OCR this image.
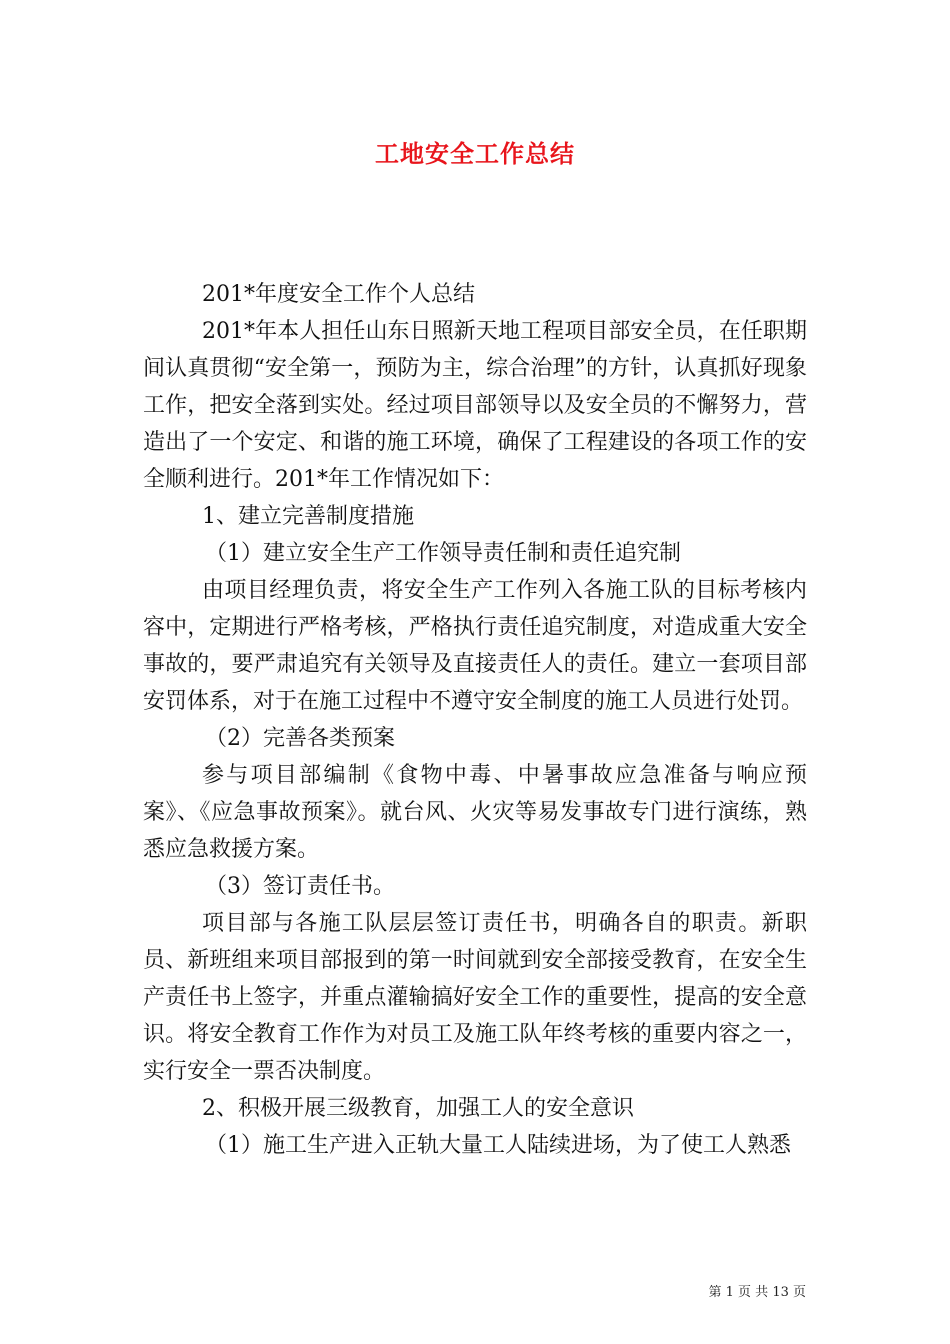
工地安全工作总结

201*年度安全工作个人总结

201*年本人担任山东日照新天地工程项目部安全员，在任职期间认真贯彻“安全第一，预防为主，综合治理”的方针，认真抓好现象工作，把安全落到实处。经过项目部领导以及安全员的不懈努力，营造出了一个安定、和谐的施工环境，确保了工程建设的各项工作的安全顺利进行。201*年工作情况如下：

1、建立完善制度措施

（1）建立安全生产工作领导责任制和责任追究制

由项目经理负责，将安全生产工作列入各施工队的目标考核内容中，定期进行严格考核，严格执行责任追究制度，对造成重大安全事故的，要严肃追究有关领导及直接责任人的责任。建立一套项目部安罚体系，对于在施工过程中不遵守安全制度的施工人员进行处罚。

（2）完善各类预案

参与项目部编制《食物中毒、中暑事故应急准备与响应预案》、《应急事故预案》。就台风、火灾等易发事故专门进行演练，熟悉应急救援方案。

（3）签订责任书。

项目部与各施工队层层签订责任书，明确各自的职责。新职员、新班组来项目部报到的第一时间就到安全部接受教育，在安全生产责任书上签字，并重点灌输搞好安全工作的重要性，提高的安全意识。将安全教育工作作为对员工及施工队年终考核的重要内容之一，实行安全一票否决制度。

2、积极开展三级教育，加强工人的安全意识

（1）施工生产进入正轨大量工人陆续进场，为了使工人熟悉

第 1 页 共 13 页
